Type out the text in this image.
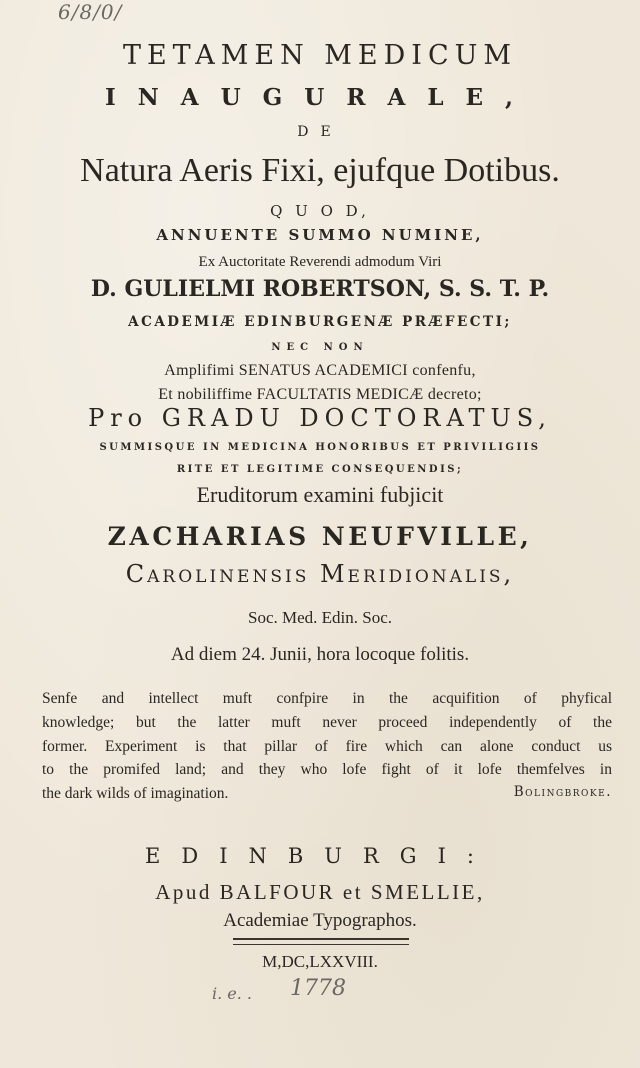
6/8/0/
TETAMEN MEDICUM
INAUGURALE,
DE
Natura Aeris Fixi, ejufque Dotibus.
Q U O D,
ANNUENTE SUMMO NUMINE,
Ex Auctoritate Reverendi admodum Viri
D. GULIELMI ROBERTSON, S. S. T. P.
ACADEMIÆ EDINBURGENÆ PRÆFECTI;
NEC NON
Amplifimi SENATUS ACADEMICI confenfu,
Et nobiliffime FACULTATIS MEDICÆ decreto;
Pro GRADU DOCTORATUS,
SUMMISQUE IN MEDICINA HONORIBUS ET PRIVILIGIIS
RITE ET LEGITIME CONSEQUENDIS;
Eruditorum examini fubjicit
ZACHARIAS NEUFVILLE,
Carolinensis Meridionalis,
Soc. Med. Edin. Soc.
Ad diem 24. Junii, hora locoque folitis.
Senfe and intellect muft confpire in the acquifition of phyfical
knowledge; but the latter muft never proceed independently of the
former. Experiment is that pillar of fire which can alone conduct us
to the promifed land; and they who lofe fight of it lofe themfelves in
the dark wilds of imagination.	Bolingbroke.
EDINBURGI:
Apud BALFOUR et SMELLIE,
Academiae Typographos.
M,DC,LXXVIII.
i. e. .	1778
